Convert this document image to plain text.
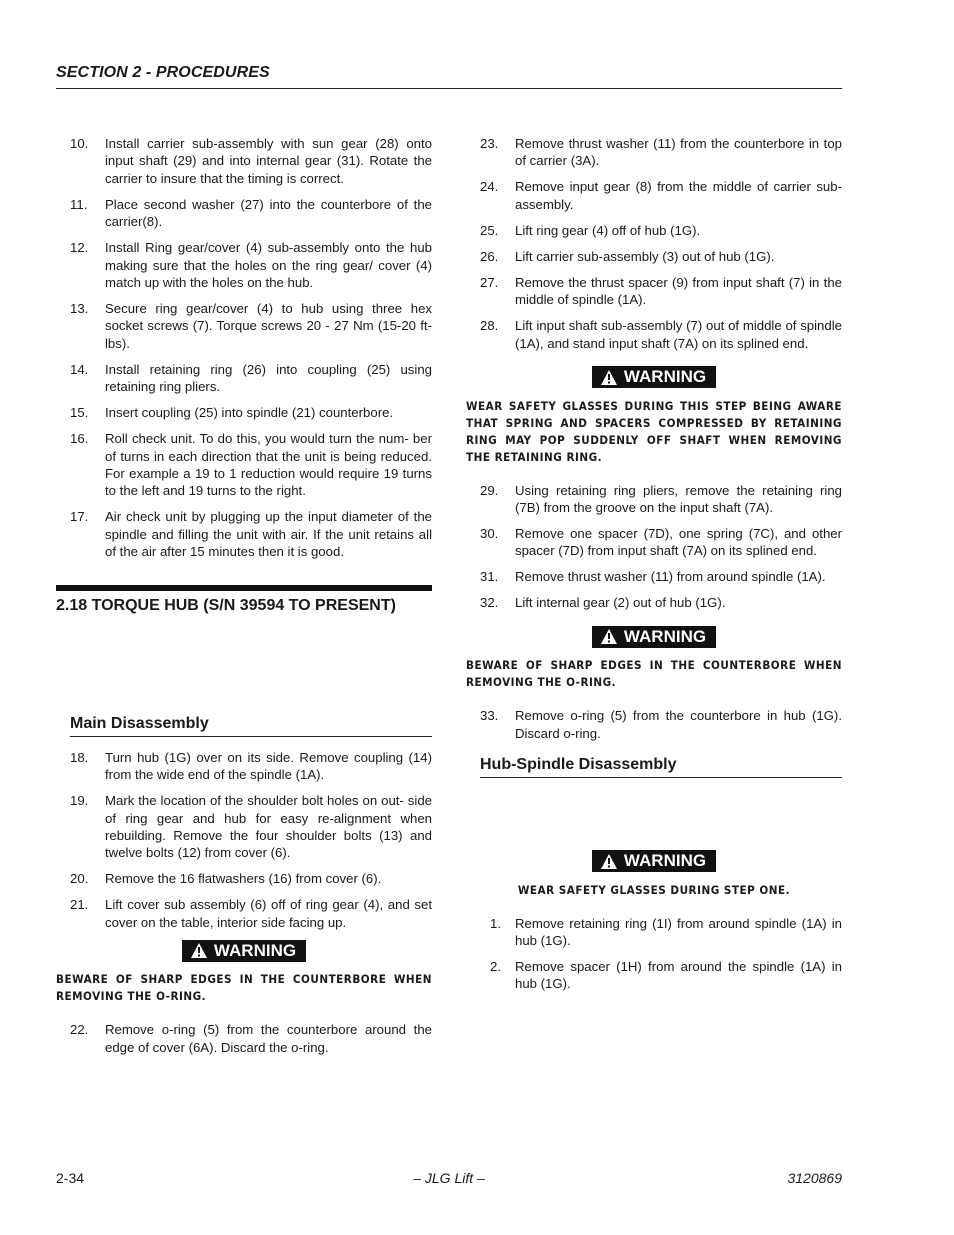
SECTION 2 - PROCEDURES
10.	Install carrier sub-assembly with sun gear (28) onto input shaft (29) and into internal gear (31). Rotate the carrier to insure that the timing is correct.
11.	Place second washer (27) into the counterbore of the carrier(8).
12.	Install Ring gear/cover (4) sub-assembly onto the hub making sure that the holes on the ring gear/ cover (4) match up with the holes on the hub.
13.	Secure ring gear/cover (4) to hub using three hex socket screws (7). Torque screws 20 - 27 Nm (15-20 ft-lbs).
14.	Install retaining ring (26) into coupling (25) using retaining ring pliers.
15.	Insert coupling (25) into spindle (21) counterbore.
16.	Roll check unit. To do this, you would turn the num- ber of turns in each direction that the unit is being reduced. For example a 19 to 1 reduction would require 19 turns to the left and 19 turns to the right.
17.	Air check unit by plugging up the input diameter of the spindle and filling the unit with air. If the unit retains all of the air after 15 minutes then it is good.
2.18 TORQUE HUB (S/N 39594 TO PRESENT)
Main Disassembly
18.	Turn hub (1G) over on its side. Remove coupling (14) from the wide end of the spindle (1A).
19.	Mark the location of the shoulder bolt holes on out- side of ring gear and hub for easy re-alignment when rebuilding. Remove the four shoulder bolts (13) and twelve bolts (12) from cover (6).
20.	Remove the 16 flatwashers (16) from cover (6).
21.	Lift cover sub assembly (6) off of ring gear (4), and set cover on the table, interior side facing up.
WARNING
BEWARE OF SHARP EDGES IN THE COUNTERBORE WHEN REMOVING THE O-RING.
22.	Remove o-ring (5) from the counterbore around the edge of cover (6A). Discard the o-ring.
23.	Remove thrust washer (11) from the counterbore in top of carrier (3A).
24.	Remove input gear (8) from the middle of carrier sub-assembly.
25.	Lift ring gear (4) off of hub (1G).
26.	Lift carrier sub-assembly (3) out of hub (1G).
27.	Remove the thrust spacer (9) from input shaft (7) in the middle of spindle (1A).
28.	Lift input shaft sub-assembly (7) out of middle of spindle (1A), and stand input shaft (7A) on its splined end.
WARNING
WEAR SAFETY GLASSES DURING THIS STEP BEING AWARE THAT SPRING AND SPACERS COMPRESSED BY RETAINING RING MAY POP SUDDENLY OFF SHAFT WHEN REMOVING THE RETAINING RING.
29.	Using retaining ring pliers, remove the retaining ring (7B) from the groove on the input shaft (7A).
30.	Remove one spacer (7D), one spring (7C), and other spacer (7D) from input shaft (7A) on its splined end.
31.	Remove thrust washer (11) from around spindle (1A).
32.	Lift internal gear (2) out of hub (1G).
WARNING
BEWARE OF SHARP EDGES IN THE COUNTERBORE WHEN REMOVING THE O-RING.
33.	Remove o-ring (5) from the counterbore in hub (1G). Discard o-ring.
Hub-Spindle Disassembly
WARNING
WEAR SAFETY GLASSES DURING STEP ONE.
1.	Remove retaining ring (1I) from around spindle (1A) in hub (1G).
2.	Remove spacer (1H) from around the spindle (1A) in hub (1G).
2-34	– JLG Lift –	3120869
